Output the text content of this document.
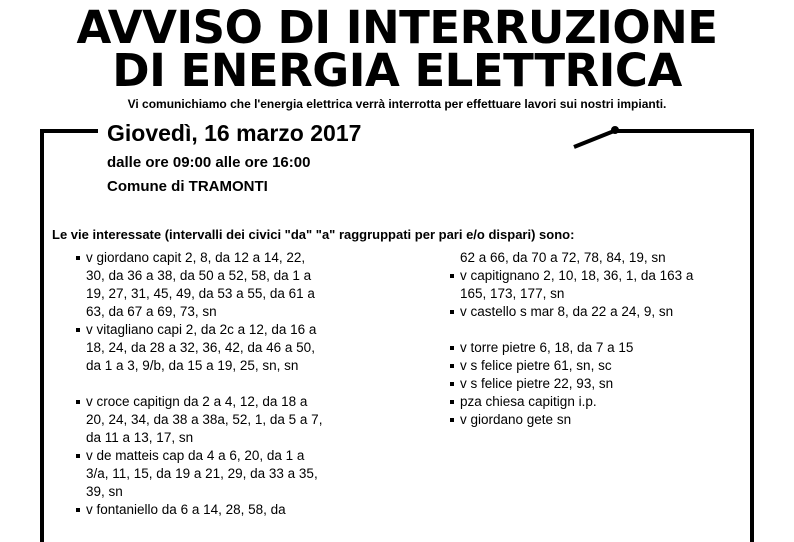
AVVISO DI INTERRUZIONE
DI ENERGIA ELETTRICA
Vi comunichiamo che l'energia elettrica verrà interrotta per effettuare lavori sui nostri impianti.
Giovedì, 16 marzo 2017
dalle ore 09:00 alle ore 16:00
Comune di TRAMONTI
Le vie interessate (intervalli dei civici "da" "a" raggruppati per pari e/o dispari) sono:
v giordano capit 2, 8, da 12 a 14, 22,
30, da 36 a 38, da 50 a 52, 58, da 1 a
19, 27, 31, 45, 49, da 53 a 55, da 61 a
63, da 67 a 69, 73, sn
v vitagliano capi 2, da 2c a 12, da 16 a
18, 24, da 28 a 32, 36, 42, da 46 a 50,
da 1 a 3, 9/b, da 15 a 19, 25, sn, sn
v croce capitign da 2 a 4, 12, da 18 a
20, 24, 34, da 38 a 38a, 52, 1, da 5 a 7,
da 11 a 13, 17, sn
v de matteis cap da 4 a 6, 20, da 1 a
3/a, 11, 15, da 19 a 21, 29, da 33 a 35,
39, sn
v fontaniello da 6 a 14, 28, 58, da
62 a 66, da 70 a 72, 78, 84, 19, sn
v capitignano 2, 10, 18, 36, 1, da 163 a
165, 173, 177, sn
v castello s mar 8, da 22 a 24, 9, sn
v torre pietre 6, 18, da 7 a 15
v s felice pietre 61, sn, sc
v s felice pietre 22, 93, sn
pza chiesa capitign i.p.
v giordano gete sn
